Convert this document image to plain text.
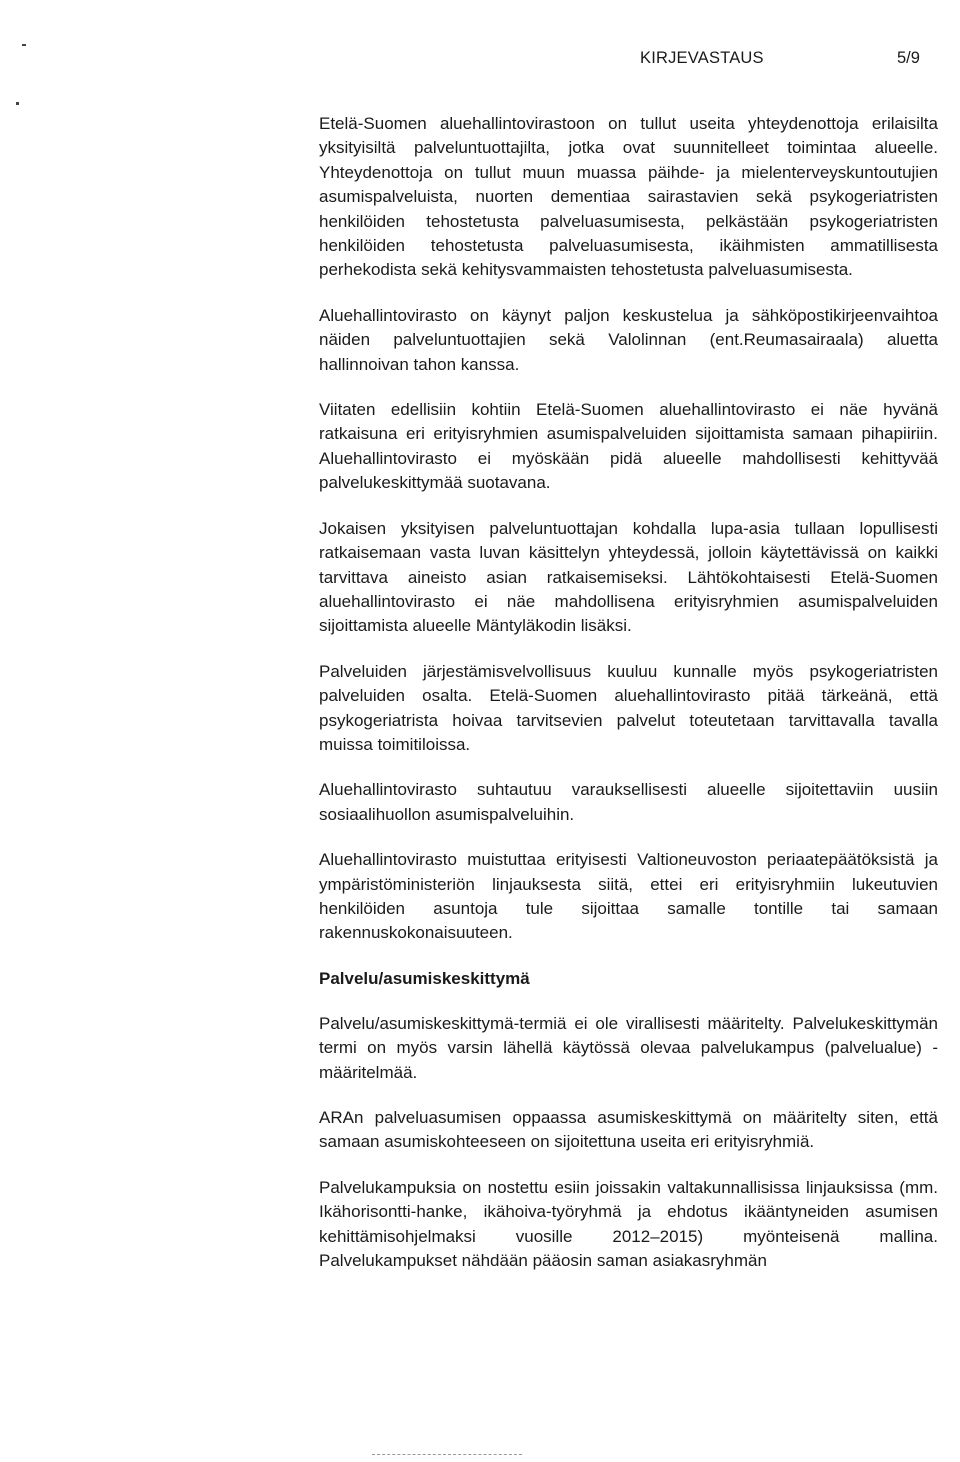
KIRJEVASTAUS	5/9

Etelä-Suomen aluehallintovirastoon on tullut useita yhteydenottoja erilaisilta yksityisiltä palveluntuottajilta, jotka ovat suunnitelleet toimintaa alueelle. Yhteydenottoja on tullut muun muassa päihde- ja mielenterveyskuntoutujien asumispalveluista, nuorten dementiaa sairastavien sekä psykogeriatristen henkilöiden tehostetusta palveluasumisesta, pelkästään psykogeriatristen henkilöiden tehostetusta palveluasumisesta, ikäihmisten ammatillisesta perhekodista sekä kehitysvammaisten tehostetusta palveluasumisesta.

Aluehallintovirasto on käynyt paljon keskustelua ja sähköpostikirjeenvaihtoa näiden palveluntuottajien sekä Valolinnan (ent.Reumasairaala) aluetta hallinnoivan tahon kanssa.

Viitaten edellisiin kohtiin Etelä-Suomen aluehallintovirasto ei näe hyvänä ratkaisuna eri erityisryhmien asumispalveluiden sijoittamista samaan pihapiiriin. Aluehallintovirasto ei myöskään pidä alueelle mahdollisesti kehittyvää palvelukeskittymää suotavana.

Jokaisen yksityisen palveluntuottajan kohdalla lupa-asia tullaan lopullisesti ratkaisemaan vasta luvan käsittelyn yhteydessä, jolloin käytettävissä on kaikki tarvittava aineisto asian ratkaisemiseksi. Lähtökohtaisesti Etelä-Suomen aluehallintovirasto ei näe mahdollisena erityisryhmien asumispalveluiden sijoittamista alueelle Mäntyläkodin lisäksi.

Palveluiden järjestämisvelvollisuus kuuluu kunnalle myös psykogeriatristen palveluiden osalta. Etelä-Suomen aluehallintovirasto pitää tärkeänä, että psykogeriatrista hoivaa tarvitsevien palvelut toteutetaan tarvittavalla tavalla muissa toimitiloissa.

Aluehallintovirasto suhtautuu varauksellisesti alueelle sijoitettaviin uusiin sosiaalihuollon asumispalveluihin.

Aluehallintovirasto muistuttaa erityisesti Valtioneuvoston periaatepäätöksistä ja ympäristöministeriön linjauksesta siitä, ettei eri erityisryhmiin lukeutuvien henkilöiden asuntoja tule sijoittaa samalle tontille tai samaan rakennuskokonaisuuteen.

Palvelu/asumiskeskittymä

Palvelu/asumiskeskittymä-termiä ei ole virallisesti määritelty. Palvelukeskittymän termi on myös varsin lähellä käytössä olevaa palvelukampus (palvelualue) - määritelmää.

ARAn palveluasumisen oppaassa asumiskeskittymä on määritelty siten, että samaan asumiskohteeseen on sijoitettuna useita eri erityisryhmiä.

Palvelukampuksia on nostettu esiin joissakin valtakunnallisissa linjauksissa (mm. Ikähorisontti-hanke, ikähoiva-työryhmä ja ehdotus ikääntyneiden asumisen kehittämisohjelmaksi vuosille 2012–2015) myönteisenä mallina. Palvelukampukset nähdään pääosin saman asiakasryhmän
